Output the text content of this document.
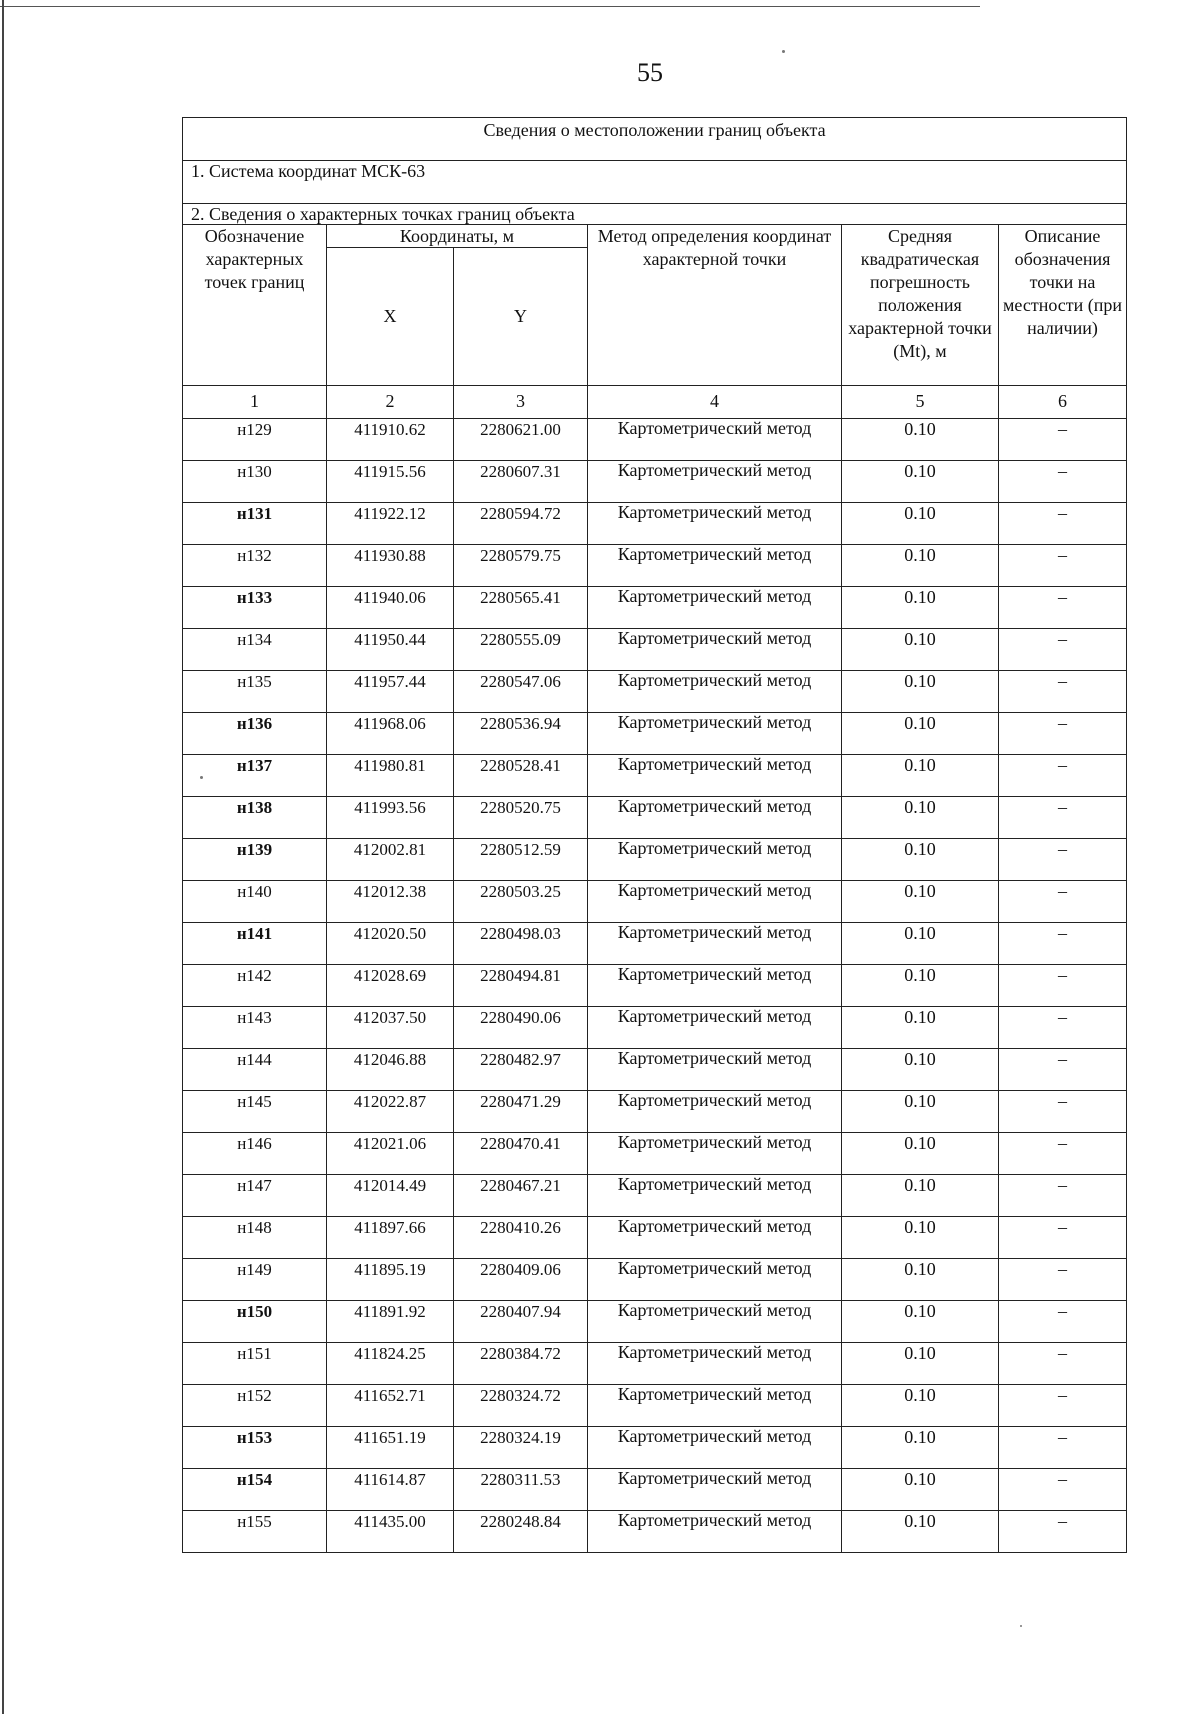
55
Сведения о местоположении границ объекта					
1. Система координат МСК-63					
2. Сведения о характерных точках границ объекта					
Обозначение характерных точек границ	Координаты, м		Метод определения координат характерной точки	Средняя квадратическая погрешность положения характерной точки (Mt), м	Описание обозначения точки на местности (при наличии)
	X	Y			
1	2	3	4	5	6
н129	411910.62	2280621.00	Картометрический метод	0.10	–
н130	411915.56	2280607.31	Картометрический метод	0.10	–
н131	411922.12	2280594.72	Картометрический метод	0.10	–
н132	411930.88	2280579.75	Картометрический метод	0.10	–
н133	411940.06	2280565.41	Картометрический метод	0.10	–
н134	411950.44	2280555.09	Картометрический метод	0.10	–
н135	411957.44	2280547.06	Картометрический метод	0.10	–
н136	411968.06	2280536.94	Картометрический метод	0.10	–
н137	411980.81	2280528.41	Картометрический метод	0.10	–
н138	411993.56	2280520.75	Картометрический метод	0.10	–
н139	412002.81	2280512.59	Картометрический метод	0.10	–
н140	412012.38	2280503.25	Картометрический метод	0.10	–
н141	412020.50	2280498.03	Картометрический метод	0.10	–
н142	412028.69	2280494.81	Картометрический метод	0.10	–
н143	412037.50	2280490.06	Картометрический метод	0.10	–
н144	412046.88	2280482.97	Картометрический метод	0.10	–
н145	412022.87	2280471.29	Картометрический метод	0.10	–
н146	412021.06	2280470.41	Картометрический метод	0.10	–
н147	412014.49	2280467.21	Картометрический метод	0.10	–
н148	411897.66	2280410.26	Картометрический метод	0.10	–
н149	411895.19	2280409.06	Картометрический метод	0.10	–
н150	411891.92	2280407.94	Картометрический метод	0.10	–
н151	411824.25	2280384.72	Картометрический метод	0.10	–
н152	411652.71	2280324.72	Картометрический метод	0.10	–
н153	411651.19	2280324.19	Картометрический метод	0.10	–
н154	411614.87	2280311.53	Картометрический метод	0.10	–
н155	411435.00	2280248.84	Картометрический метод	0.10	–
